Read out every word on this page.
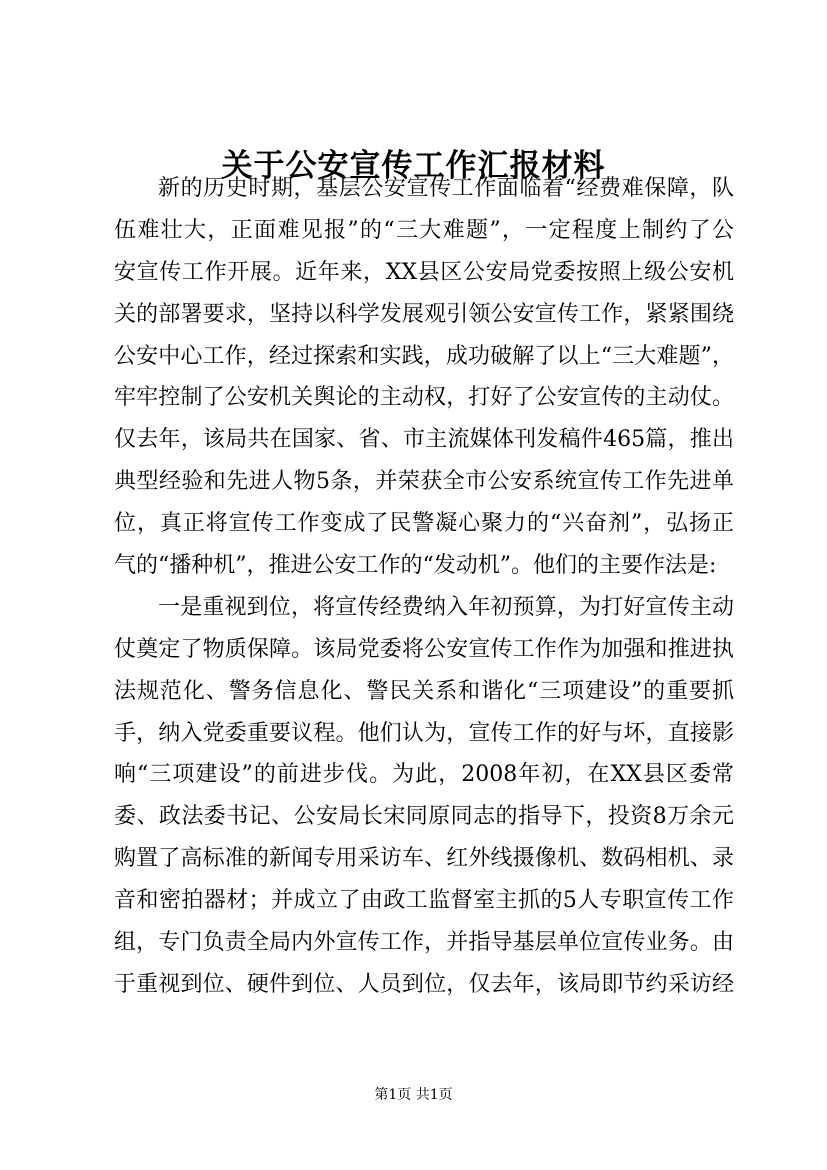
关于公安宣传工作汇报材料
新的历史时期，基层公安宣传工作面临着“经费难保障，队
伍难壮大，正面难见报”的“三大难题”，一定程度上制约了公
安宣传工作开展。近年来，XX县区公安局党委按照上级公安机
关的部署要求，坚持以科学发展观引领公安宣传工作，紧紧围绕
公安中心工作，经过探索和实践，成功破解了以上“三大难题”，
牢牢控制了公安机关舆论的主动权，打好了公安宣传的主动仗。
仅去年，该局共在国家、省、市主流媒体刊发稿件465篇，推出
典型经验和先进人物5条，并荣获全市公安系统宣传工作先进单
位，真正将宣传工作变成了民警凝心聚力的“兴奋剂”，弘扬正
气的“播种机”，推进公安工作的“发动机”。他们的主要作法是:
一是重视到位，将宣传经费纳入年初预算，为打好宣传主动
仗奠定了物质保障。该局党委将公安宣传工作作为加强和推进执
法规范化、警务信息化、警民关系和谐化“三项建设”的重要抓
手，纳入党委重要议程。他们认为，宣传工作的好与坏，直接影
响“三项建设”的前进步伐。为此，2008年初，在XX县区委常
委、政法委书记、公安局长宋同原同志的指导下，投资8万余元
购置了高标准的新闻专用采访车、红外线摄像机、数码相机、录
音和密拍器材；并成立了由政工监督室主抓的5人专职宣传工作
组，专门负责全局内外宣传工作，并指导基层单位宣传业务。由
于重视到位、硬件到位、人员到位，仅去年，该局即节约采访经
第1页 共1页
